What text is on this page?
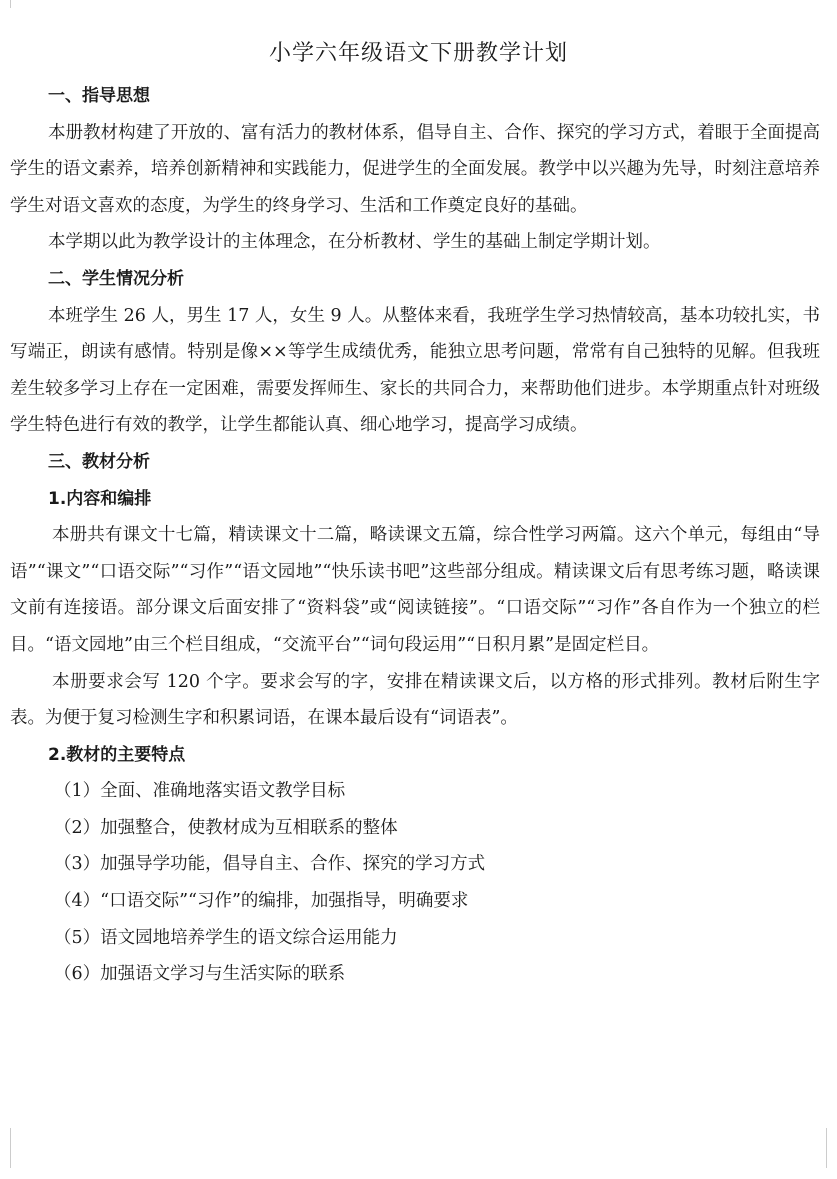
小学六年级语文下册教学计划

一、指导思想

本册教材构建了开放的、富有活力的教材体系，倡导自主、合作、探究的学习方式，着眼于全面提高学生的语文素养，培养创新精神和实践能力，促进学生的全面发展。教学中以兴趣为先导，时刻注意培养学生对语文喜欢的态度，为学生的终身学习、生活和工作奠定良好的基础。

本学期以此为教学设计的主体理念，在分析教材、学生的基础上制定学期计划。

二、学生情况分析

本班学生 26 人，男生 17 人，女生 9 人。从整体来看，我班学生学习热情较高，基本功较扎实，书写端正，朗读有感情。特别是像××等学生成绩优秀，能独立思考问题，常常有自己独特的见解。但我班差生较多学习上存在一定困难，需要发挥师生、家长的共同合力，来帮助他们进步。本学期重点针对班级学生特色进行有效的教学，让学生都能认真、细心地学习，提高学习成绩。

三、教材分析

1.内容和编排

本册共有课文十七篇，精读课文十二篇，略读课文五篇，综合性学习两篇。这六个单元，每组由“导语”“课文”“口语交际”“习作”“语文园地”“快乐读书吧”这些部分组成。精读课文后有思考练习题，略读课文前有连接语。部分课文后面安排了“资料袋”或“阅读链接”。“口语交际”“习作”各自作为一个独立的栏目。“语文园地”由三个栏目组成，“交流平台”“词句段运用”“日积月累”是固定栏目。

本册要求会写 120 个字。要求会写的字，安排在精读课文后，以方格的形式排列。教材后附生字表。为便于复习检测生字和积累词语，在课本最后设有“词语表”。

2.教材的主要特点

（1）全面、准确地落实语文教学目标

（2）加强整合，使教材成为互相联系的整体

（3）加强导学功能，倡导自主、合作、探究的学习方式

（4）“口语交际”“习作”的编排，加强指导，明确要求

（5）语文园地培养学生的语文综合运用能力

（6）加强语文学习与生活实际的联系
